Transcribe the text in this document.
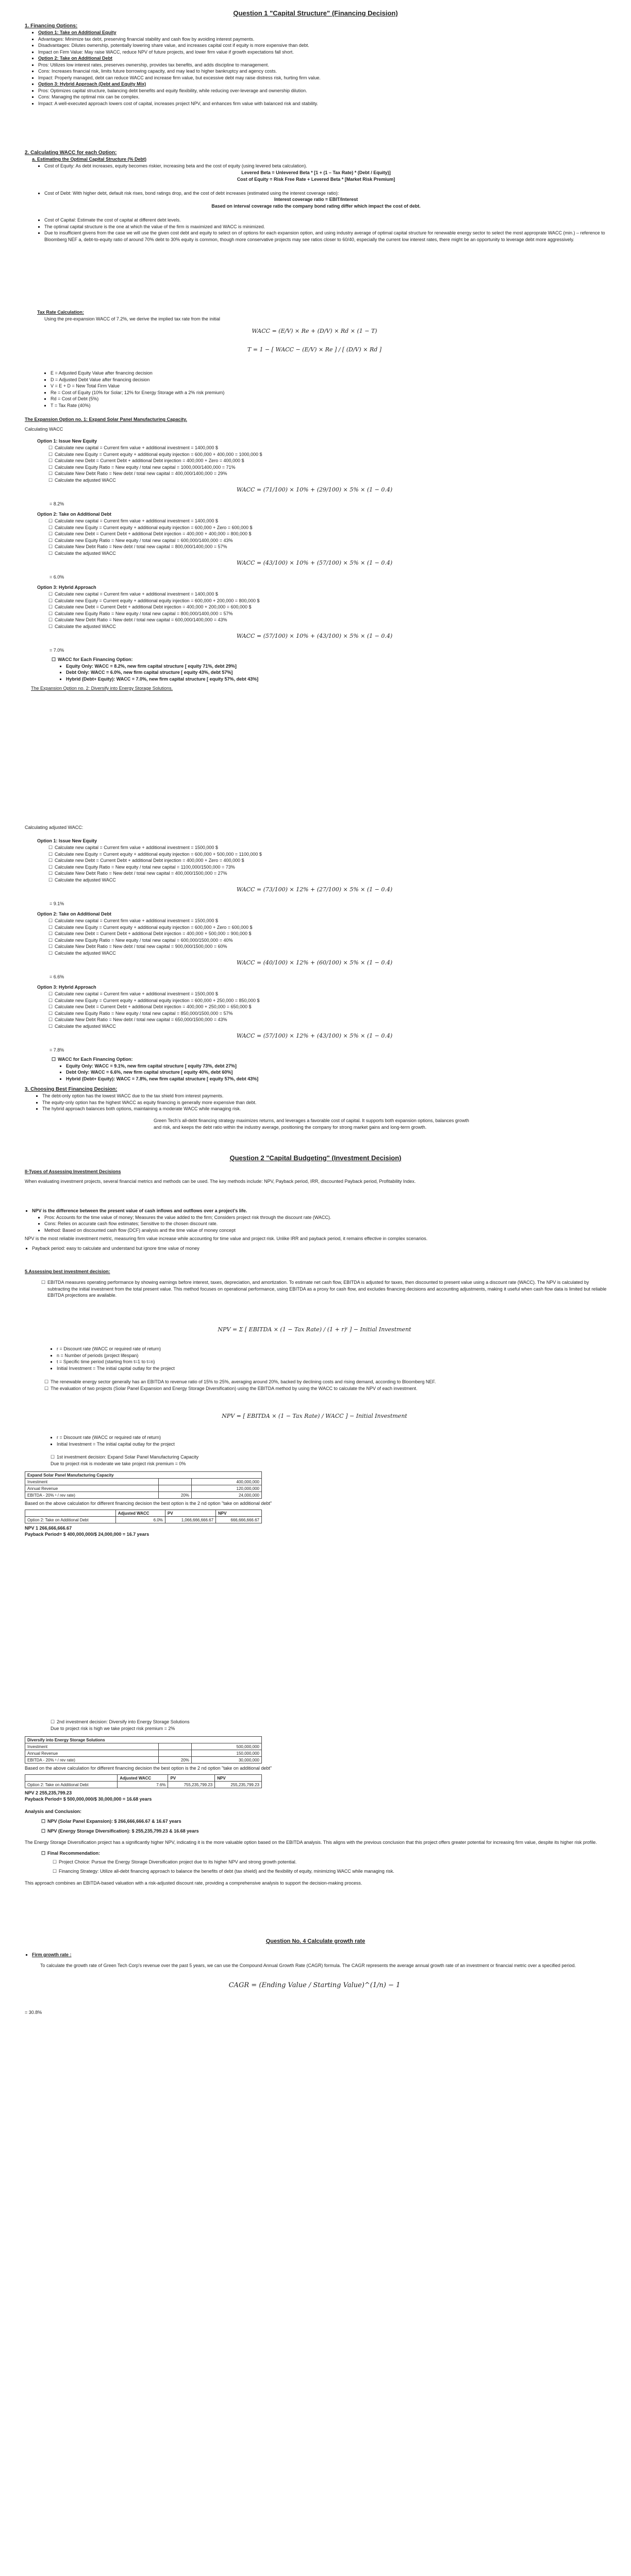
Question 1 "Capital Structure" (Financing Decision)
1. Financing Options:
▪ Option 1: Take on Additional Equity
▪ Advantages: Minimize tax debt, preserving financial stability and cash flow by avoiding interest payments.
▪ Disadvantages: Dilutes ownership, potentially lowering share value, and increases capital cost if equity is more expensive than debt.
▪ Impact on Firm Value: May raise WACC, reduce NPV of future projects, and lower firm value if growth expectations fall short.
▪ Option 2: Take on Additional Debt
▪ Pros: Utilizes low interest rates, preserves ownership, provides tax benefits, and adds discipline to management.
▪ Cons: Increases financial risk, limits future borrowing capacity, and may lead to higher bankruptcy and agency costs.
▪ Impact: Properly managed, debt can reduce WACC and increase firm value, but excessive debt may raise distress risk, hurting firm value.
▪ Option 3: Hybrid Approach (Debt and Equity Mix)
▪ Pros: Optimizes capital structure, balancing debt benefits and equity flexibility, while reducing over-leverage and ownership dilution.
▪ Cons: Managing the optimal mix can be complex.
▪ Impact: A well-executed approach lowers cost of capital, increases project NPV, and enhances firm value with balanced risk and stability.
2. Calculating WACC for each Option:
a. Estimating the Optimal Capital Structure (% Debt)
▪ Cost of Equity: As debt increases, equity becomes riskier, increasing beta and the cost of equity (using levered beta calculation).
Levered Beta = Unlevered Beta * [1 + (1 – Tax Rate) * (Debt / Equity)]
Cost of Equity = Risk Free Rate + Levered Beta * [Market Risk Premium]
▪ Cost of Debt: With higher debt, default risk rises, bond ratings drop, and the cost of debt increases (estimated using the interest coverage ratio):
Interest coverage ratio = EBIT/Interest
Based on interval coverage ratio the company bond rating differ which impact the cost of debt.
▪ Cost of Capital: Estimate the cost of capital at different debt levels.
▪ The optimal capital structure is the one at which the value of the firm is maximized and WACC is minimized.
▪ Due to insufficient givens from the case we will use the given cost debt and equity to select on of options for each expansion option, and using industry average of optimal capital structure for renewable energy sector to select the most approprate WACC (min.) – reference to Bloomberg NEF a, debt-to-equity ratio of around 70% debt to 30% equity is common, though more conservative projects may see ratios closer to 60/40, especially the current low interest rates, there might be an opportunity to leverage debt more aggressively.
Tax Rate Calculation:
Using the pre-expansion WACC of 7.2%, we derive the implied tax rate from the initial
WACC = (E/V) × Re + (D/V) × Rd × (1 − T)
T = 1 − [ WACC − (E/V) × Re ] / [ (D/V) × Rd ]
▪ E = Adjusted Equity Value after financing decision
▪ D = Adjusted Debt Value after financing decision
▪ V = E + D = New Total Firm Value
▪ Re = Cost of Equity (10% for Solar; 12% for Energy Storage with a 2% risk premium)
▪ Rd = Cost of Debt (5%)
▪ T = Tax Rate (40%)
The Expansion Option no. 1: Expand Solar Panel Manufacturing Capacity.
Calculating WACC
Option 1: Issue New Equity
☐ Calculate new capital = Current firm value + additional investment = 1400,000 $
☐ Calculate new Equity = Current equity + additional equity injection = 600,000 + 400,000 = 1000,000 $
☐ Calculate new Debt = Current Debt + additional Debt injection = 400,000 + Zero = 400,000 $
☐ Calculate new Equity Ratio = New equity / total new capital = 1000,000/1400,000 = 71%
☐ Calculate New Debt Ratio = New debt / total new capital = 400,000/1400,000 = 29%
☐ Calculate the adjusted WACC
WACC = (71/100) × 10% + (29/100) × 5% × (1 − 0.4)
= 8.2%
Option 2: Take on Additional Debt
☐ Calculate new capital = Current firm value + additional investment = 1400,000 $
☐ Calculate new Equity = Current equity + additional equity injection = 600,000 + Zero = 600,000 $
☐ Calculate new Debt = Current Debt + additional Debt injection = 400,000 + 400,000 = 800,000 $
☐ Calculate new Equity Ratio = New equity / total new capital = 600,000/1400,000 = 43%
☐ Calculate New Debt Ratio = New debt / total new capital = 800,000/1400,000 = 57%
☐ Calculate the adjusted WACC
WACC = (43/100) × 10% + (57/100) × 5% × (1 − 0.4)
= 6.0%
Option 3: Hybrid Approach
☐ Calculate new capital = Current firm value + additional investment = 1400,000 $
☐ Calculate new Equity = Current equity + additional equity injection = 600,000 + 200,000 = 800,000 $
☐ Calculate new Debt = Current Debt + additional Debt injection = 400,000 + 200,000 = 600,000 $
☐ Calculate new Equity Ratio = New equity / total new capital = 800,000/1400,000 = 57%
☐ Calculate New Debt Ratio = New debt / total new capital = 600,000/1400,000 = 43%
☐ Calculate the adjusted WACC
WACC = (57/100) × 10% + (43/100) × 5% × (1 − 0.4)
= 7.0%
☐ WACC for Each Financing Option:
▪ Equity Only: WACC = 8.2%, new firm capital structure [ equity 71%, debt 29%]
▪ Debt Only: WACC = 6.0%, new firm capital structure [ equity 43%, debt 57%]
▪ Hybrid (Debt+ Equity): WACC = 7.0%, new firm capital structure [ equity 57%, debt 43%]
The Expansion Option no. 2: Diversify into Energy Storage Solutions.
Calculating adjusted WACC:
Option 1: Issue New Equity
☐ Calculate new capital = Current firm value + additional investment = 1500,000 $
☐ Calculate new Equity = Current equity + additional equity injection = 600,000 + 500,000 = 1100,000 $
☐ Calculate new Debt = Current Debt + additional Debt injection = 400,000 + Zero = 400,000 $
☐ Calculate new Equity Ratio = New equity / total new capital = 1100,000/1500,000 = 73%
☐ Calculate New Debt Ratio = New debt / total new capital = 400,000/1500,000 = 27%
☐ Calculate the adjusted WACC
WACC = (73/100) × 12% + (27/100) × 5% × (1 − 0.4)
= 9.1%
Option 2: Take on Additional Debt
☐ Calculate new capital = Current firm value + additional investment = 1500,000 $
☐ Calculate new Equity = Current equity + additional equity injection = 600,000 + Zero = 600,000 $
☐ Calculate new Debt = Current Debt + additional Debt injection = 400,000 + 500,000 = 900,000 $
☐ Calculate new Equity Ratio = New equity / total new capital = 600,000/1500,000 = 40%
☐ Calculate New Debt Ratio = New debt / total new capital = 900,000/1500,000 = 60%
☐ Calculate the adjusted WACC
WACC = (40/100) × 12% + (60/100) × 5% × (1 − 0.4)
= 6.6%
Option 3: Hybrid Approach
☐ Calculate new capital = Current firm value + additional investment = 1500,000 $
☐ Calculate new Equity = Current equity + additional equity injection = 600,000 + 250,000 = 850,000 $
☐ Calculate new Debt = Current Debt + additional Debt injection = 400,000 + 250,000 = 650,000 $
☐ Calculate new Equity Ratio = New equity / total new capital = 850,000/1500,000 = 57%
☐ Calculate New Debt Ratio = New debt / total new capital = 650,000/1500,000 = 43%
☐ Calculate the adjusted WACC
WACC = (57/100) × 12% + (43/100) × 5% × (1 − 0.4)
= 7.8%
☐ WACC for Each Financing Option:
▪ Equity Only: WACC = 9.1%, new firm capital structure [ equity 73%, debt 27%]
▪ Debt Only: WACC = 6.6%, new firm capital structure [ equity 40%, debt 60%]
▪ Hybrid (Debt+ Equity): WACC = 7.8%, new firm capital structure [ equity 57%, debt 43%]
3. Choosing Best Financing Decision:
▪ The debt-only option has the lowest WACC due to the tax shield from interest payments.
▪ The equity-only option has the highest WACC as equity financing is generally more expensive than debt.
▪ The hybrid approach balances both options, maintaining a moderate WACC while managing risk.
Green Tech's all-debt financing strategy maximizes returns, and leverages a favorable cost of capital. It supports both expansion options, balances growth and risk, and keeps the debt ratio within the industry average, positioning the company for strong market gains and long-term growth.
Question 2 "Capital Budgeting" (Investment Decision)
II-Types of Assessing Investment Decisions
When evaluating investment projects, several financial metrics and methods can be used. The key methods include: NPV, Payback period, IRR, discounted Payback period, Profitability Index.
▪ NPV is the difference between the present value of cash inflows and outflows over a project's life.
▪ Pros: Accounts for the time value of money; Measures the value added to the firm; Considers project risk through the discount rate (WACC).
▪ Cons: Relies on accurate cash flow estimates; Sensitive to the chosen discount rate.
▪ Method: Based on discounted cash flow (DCF) analysis and the time value of money concept
NPV is the most reliable investment metric, measuring firm value increase while accounting for time value and project risk. Unlike IRR and payback period, it remains effective in complex scenarios.
▪ Payback period: easy to calculate and understand but ignore time value of money
5.Assessing best investment decision:
☐ EBITDA measures operating performance by showing earnings before interest, taxes, depreciation, and amortization. To estimate net cash flow, EBITDA is adjusted for taxes, then discounted to present value using a discount rate (WACC). The NPV is calculated by subtracting the initial investment from the total present value. This method focuses on operational performance, using EBITDA as a proxy for cash flow, and excludes financing decisions and accounting adjustments, making it useful when cash flow data is limited but reliable EBITDA projections are available.
NPV = Σ [ EBITDA × (1 − Tax Rate) / (1 + r)ᵗ ] − Initial Investment
▪ r = Discount rate (WACC or required rate of return)
▪ n = Number of periods (project lifespan)
▪ t = Specific time period (starting from t=1 to t=n)
▪ Initial Investment = The initial capital outlay for the project
☐ The renewable energy sector generally has an EBITDA to revenue ratio of 15% to 25%, averaging around 20%, backed by declining costs and rising demand, according to Bloomberg NEF.
☐ The evaluation of two projects (Solar Panel Expansion and Energy Storage Diversification) using the EBITDA method by using the WACC to calculate the NPV of each investment.
NPV = [ EBITDA × (1 − Tax Rate) / WACC ] − Initial Investment
▪ r = Discount rate (WACC or required rate of return)
▪ Initial Investment = The initial capital outlay for the project
☐ 1st investment decision: Expand Solar Panel Manufacturing Capacity
Due to project risk is moderate we take project risk premium = 0%
Expand Solar Panel Manufacturing Capacity		
Investment		400,000,000
Annual Revenue		120,000,000
EBITDA - 20% ¹ / rev rate)	20%	24,000,000
Based on the above calculation for different financing decision the best option is the 2 nd option "take on additional debt"
	Adjusted WACC	PV	NPV
Option 2: Take on Additional Debt	6.0%	1,066,666,666.67	666,666,666.67
NPV 1 266,666,666.67
Payback Period= $ 400,000,000/$ 24,000,000 = 16.7 years
☐ 2nd investment decision: Diversify into Energy Storage Solutions
Due to project risk is high we take project risk premium = 2%
Diversify into Energy Storage Solutions		
Investment		500,000,000
Annual Revenue		150,000,000
EBITDA - 20% ¹ / rev rate)	20%	30,000,000
Based on the above calculation for different financing decision the best option is the 2 nd option "take on additional debt"
	Adjusted WACC	PV	NPV
Option 2: Take on Additional Debt	7.6%	755,235,799.23	255,235,799.23
NPV 2 255,235,799.23
Payback Period= $ 500,000,000/$ 30,000,000 = 16.68 years
Analysis and Conclusion:
☐ NPV (Solar Panel Expansion): $ 266,666,666.67 & 16.67 years
☐ NPV (Energy Storage Diversification): $ 255,235,799.23 & 16.68 years
The Energy Storage Diversification project has a significantly higher NPV, indicating it is the more valuable option based on the EBITDA analysis. This aligns with the previous conclusion that this project offers greater potential for increasing firm value, despite its higher risk profile.
☐ Final Recommendation:
☐ Project Choice: Pursue the Energy Storage Diversification project due to its higher NPV and strong growth potential.
☐ Financing Strategy: Utilize all-debt financing approach to balance the benefits of debt (tax shield) and the flexibility of equity, minimizing WACC while managing risk.
This approach combines an EBITDA-based valuation with a risk-adjusted discount rate, providing a comprehensive analysis to support the decision-making process.
Question No. 4 Calculate growth rate
▪ Firm growth rate :
To calculate the growth rate of Green Tech Corp's revenue over the past 5 years, we can use the Compound Annual Growth Rate (CAGR) formula. The CAGR represents the average annual growth rate of an investment or financial metric over a specified period.
CAGR = (Ending Value / Starting Value)^(1/n) − 1
= 30.8%
